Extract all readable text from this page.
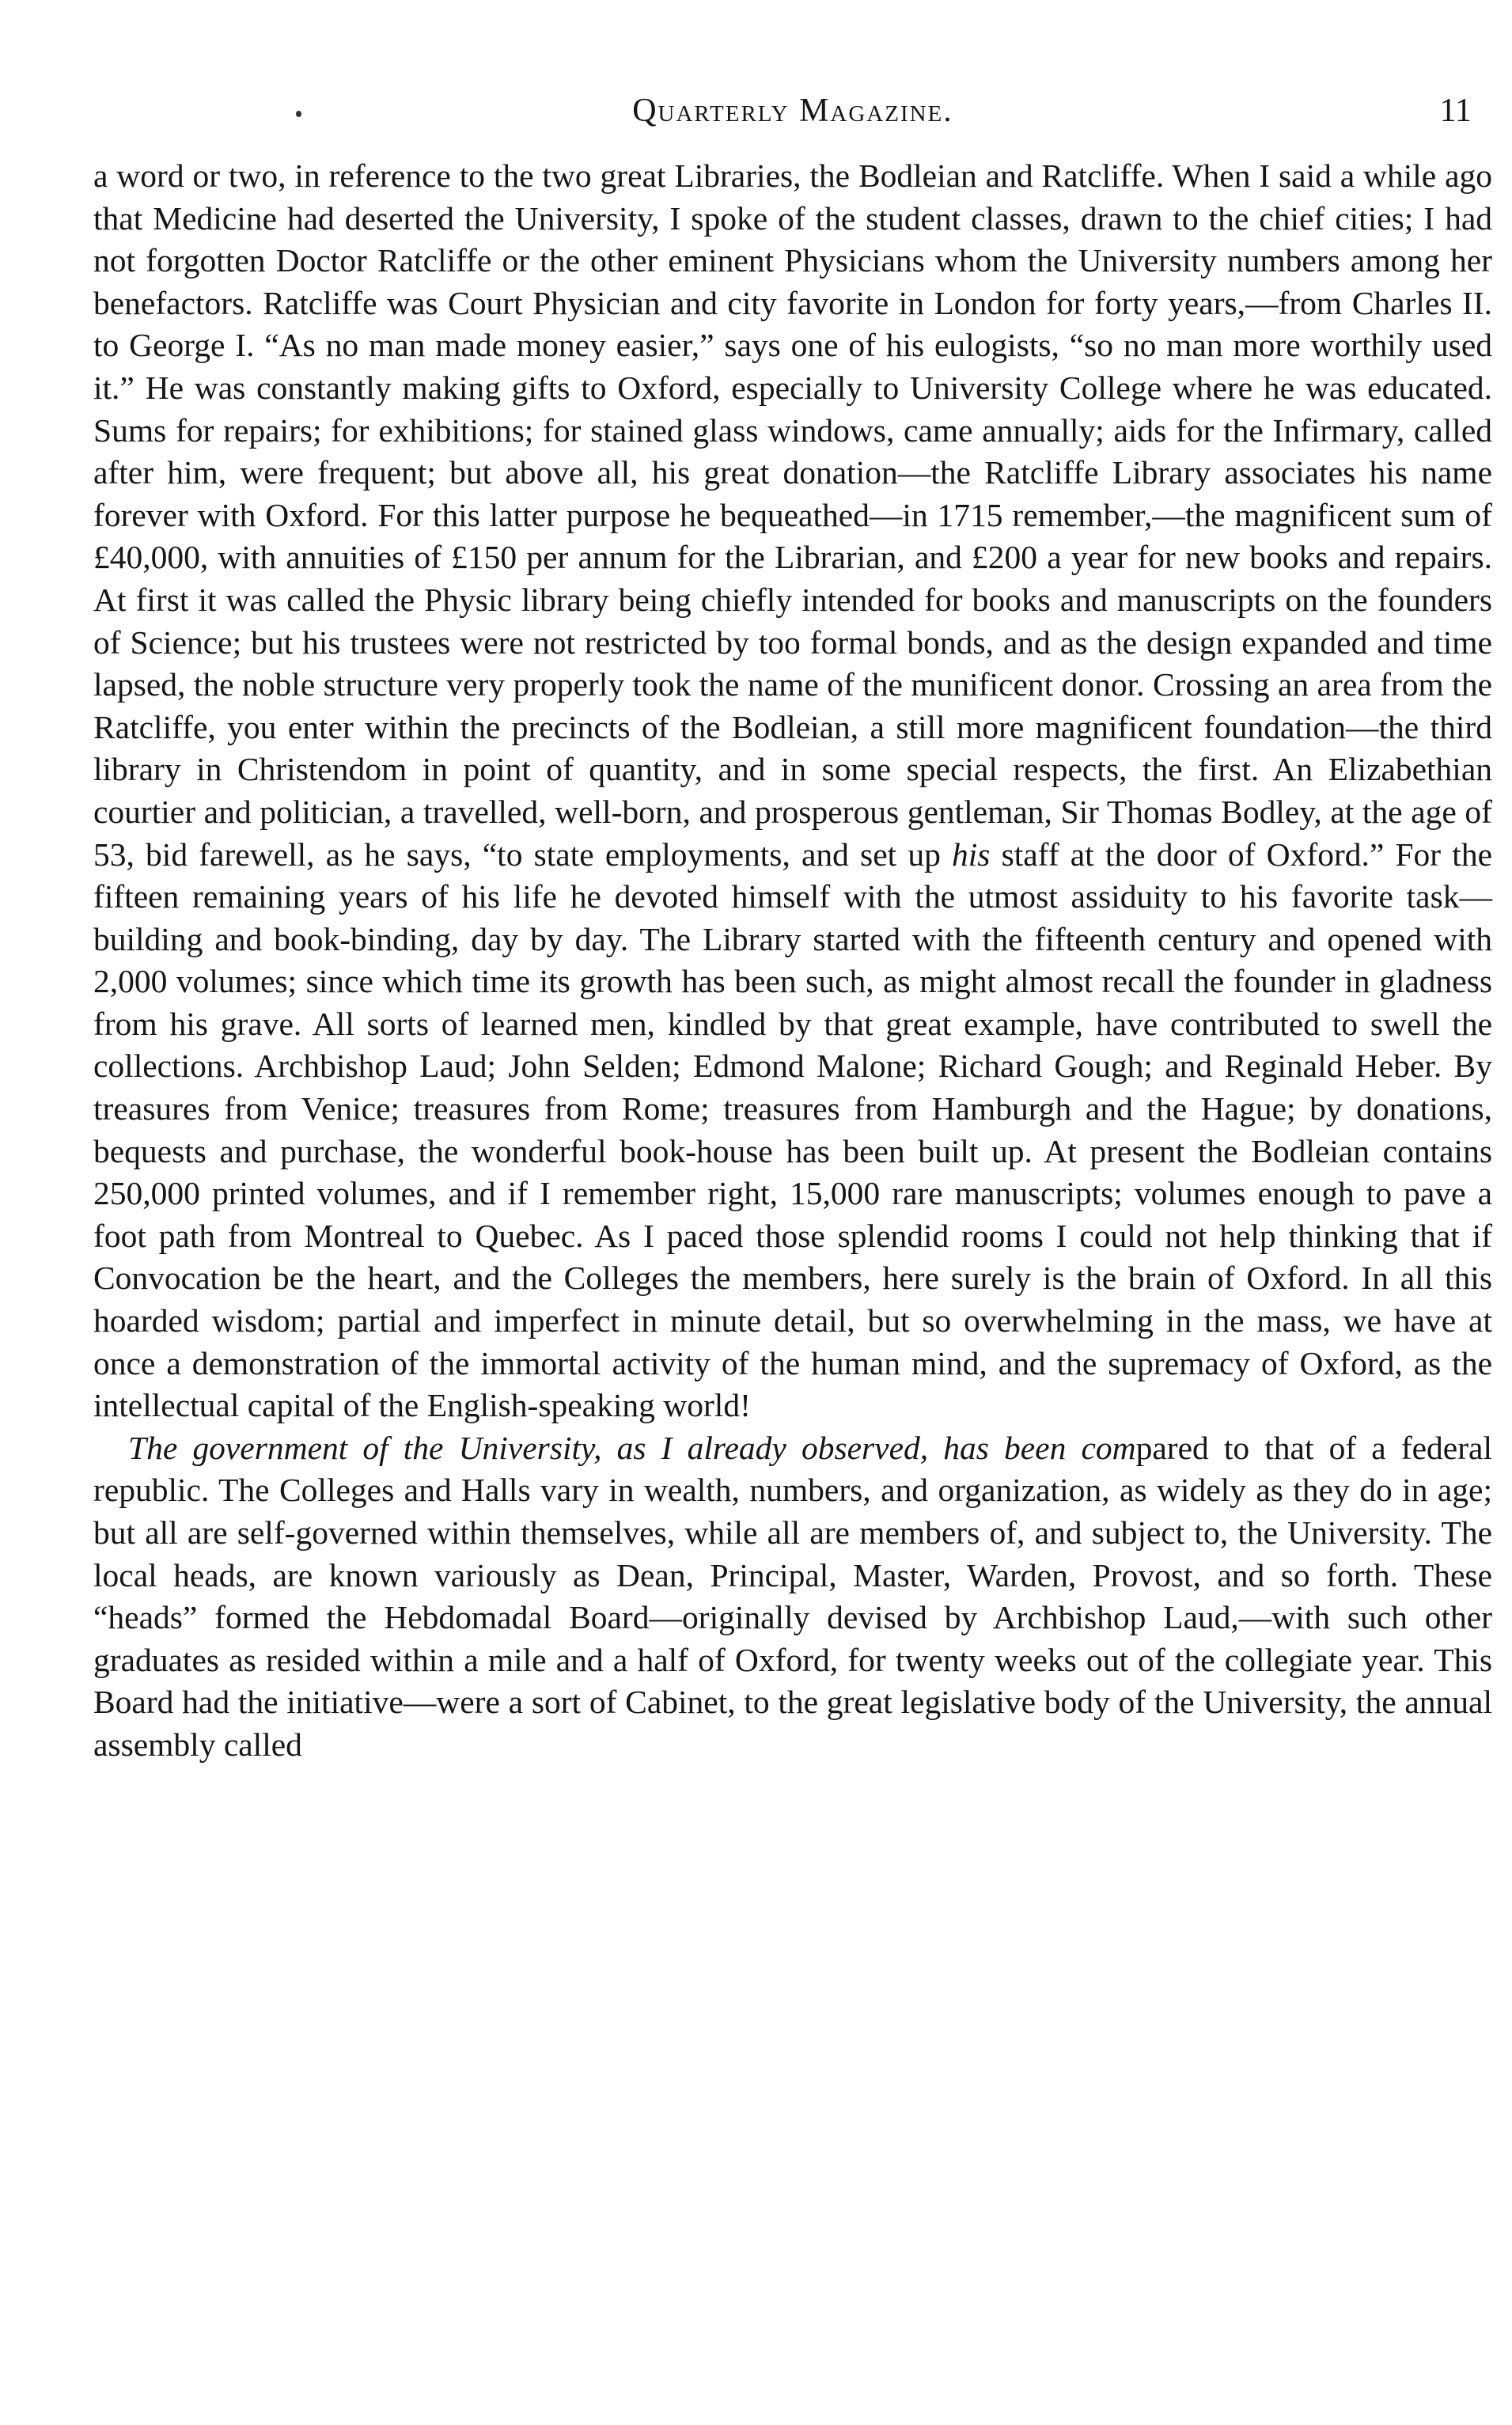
Quarterly Magazine.	11

a word or two, in reference to the two great Libraries, the Bodleian and Ratcliffe. When I said a while ago that Medicine had deserted the University, I spoke of the student classes, drawn to the chief cities; I had not forgotten Doctor Ratcliffe or the other eminent Physicians whom the University numbers among her benefactors. Ratcliffe was Court Physician and city favorite in London for forty years,—from Charles II. to George I. “As no man made money easier,” says one of his eulogists, “so no man more worthily used it.” He was constantly making gifts to Oxford, especially to University College where he was educated. Sums for repairs; for exhibitions; for stained glass windows, came annually; aids for the Infirmary, called after him, were frequent; but above all, his great donation—the Ratcliffe Library associates his name forever with Oxford. For this latter purpose he bequeathed—in 1715 remember,—the magnificent sum of £40,000, with annuities of £150 per annum for the Librarian, and £200 a year for new books and repairs. At first it was called the Physic library being chiefly intended for books and manuscripts on the founders of Science; but his trustees were not restricted by too formal bonds, and as the design expanded and time lapsed, the noble structure very properly took the name of the munificent donor. Crossing an area from the Ratcliffe, you enter within the precincts of the Bodleian, a still more magnificent foundation—the third library in Christendom in point of quantity, and in some special respects, the first. An Elizabethian courtier and politician, a travelled, well-born, and prosperous gentleman, Sir Thomas Bodley, at the age of 53, bid farewell, as he says, “to state employments, and set up his staff at the door of Oxford.” For the fifteen remaining years of his life he devoted himself with the utmost assiduity to his favorite task—building and book-binding, day by day. The Library started with the fifteenth century and opened with 2,000 volumes; since which time its growth has been such, as might almost recall the founder in gladness from his grave. All sorts of learned men, kindled by that great example, have contributed to swell the collections. Archbishop Laud; John Selden; Edmond Malone; Richard Gough; and Reginald Heber. By treasures from Venice; treasures from Rome; treasures from Hamburgh and the Hague; by donations, bequests and purchase, the wonderful book-house has been built up. At present the Bodleian contains 250,000 printed volumes, and if I remember right, 15,000 rare manuscripts; volumes enough to pave a foot path from Montreal to Quebec. As I paced those splendid rooms I could not help thinking that if Convocation be the heart, and the Colleges the members, here surely is the brain of Oxford. In all this hoarded wisdom; partial and imperfect in minute detail, but so overwhelming in the mass, we have at once a demonstration of the immortal activity of the human mind, and the supremacy of Oxford, as the intellectual capital of the English-speaking world!

The government of the University, as I already observed, has been compared to that of a federal republic. The Colleges and Halls vary in wealth, numbers, and organization, as widely as they do in age; but all are self-governed within themselves, while all are members of, and subject to, the University. The local heads, are known variously as Dean, Principal, Master, Warden, Provost, and so forth. These “heads” formed the Hebdomadal Board—originally devised by Archbishop Laud,—with such other graduates as resided within a mile and a half of Oxford, for twenty weeks out of the collegiate year. This Board had the initiative—were a sort of Cabinet, to the great legislative body of the University, the annual assembly called
